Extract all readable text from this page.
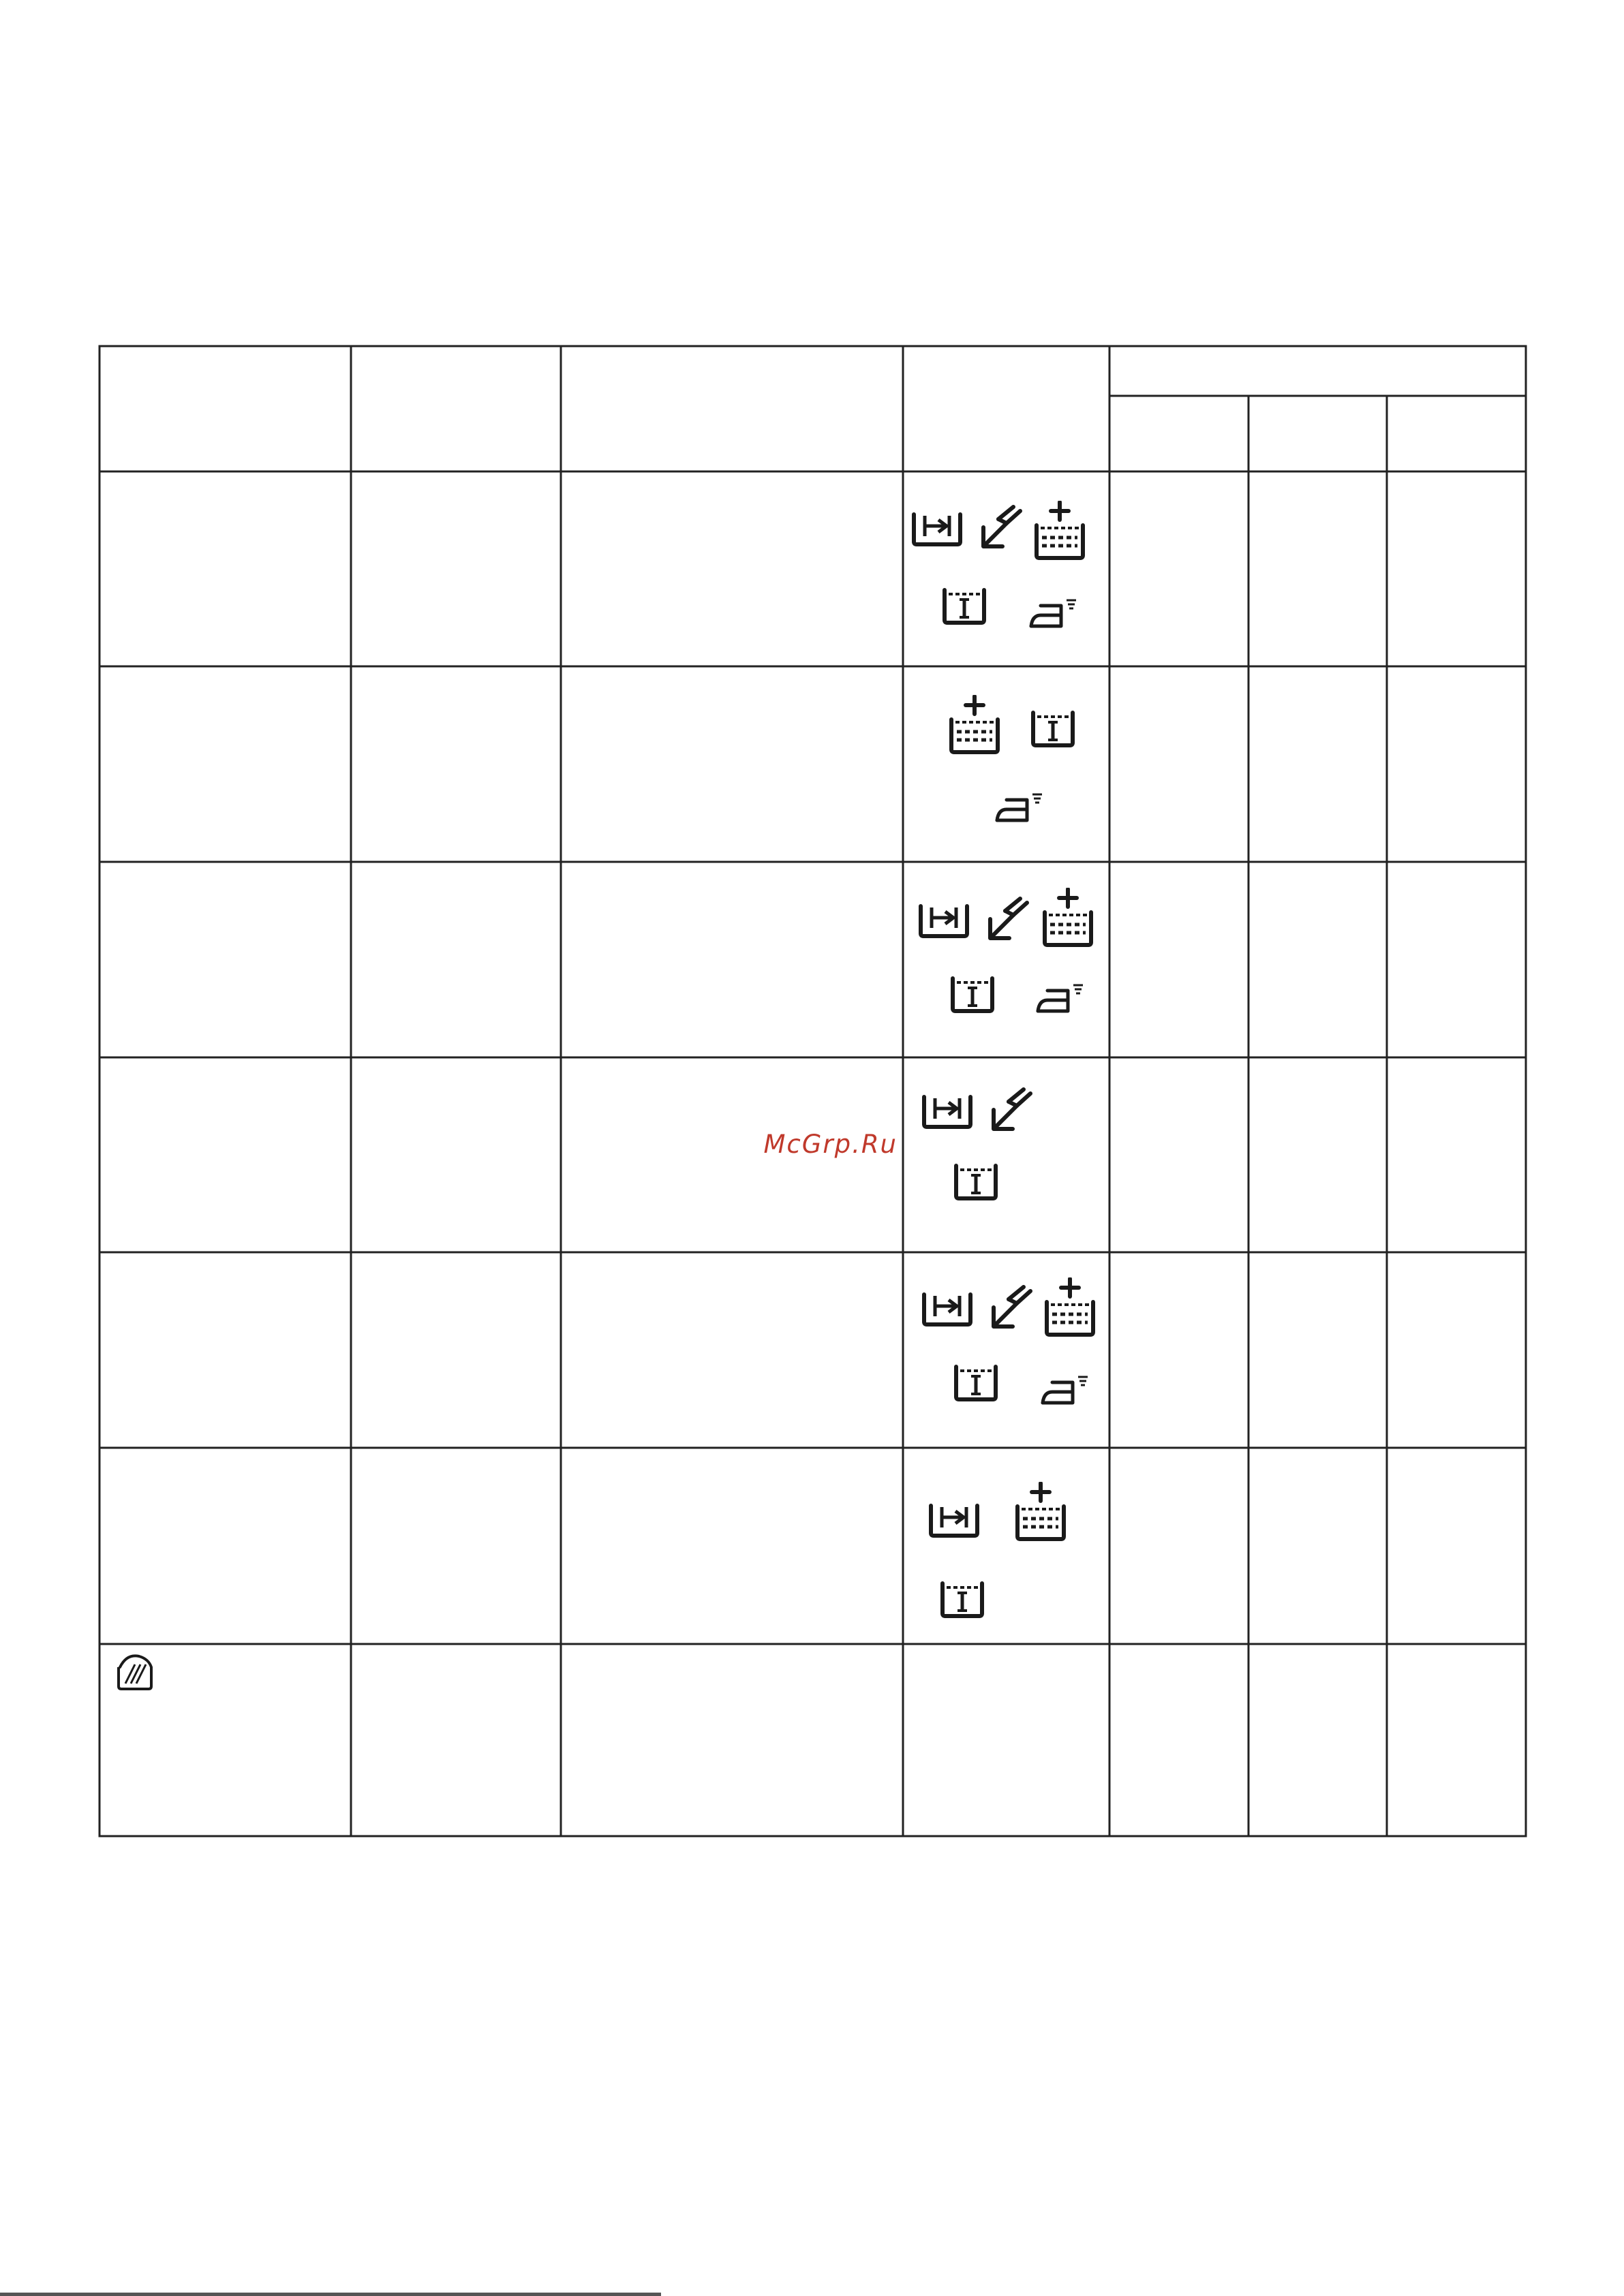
McGrp.Ru
